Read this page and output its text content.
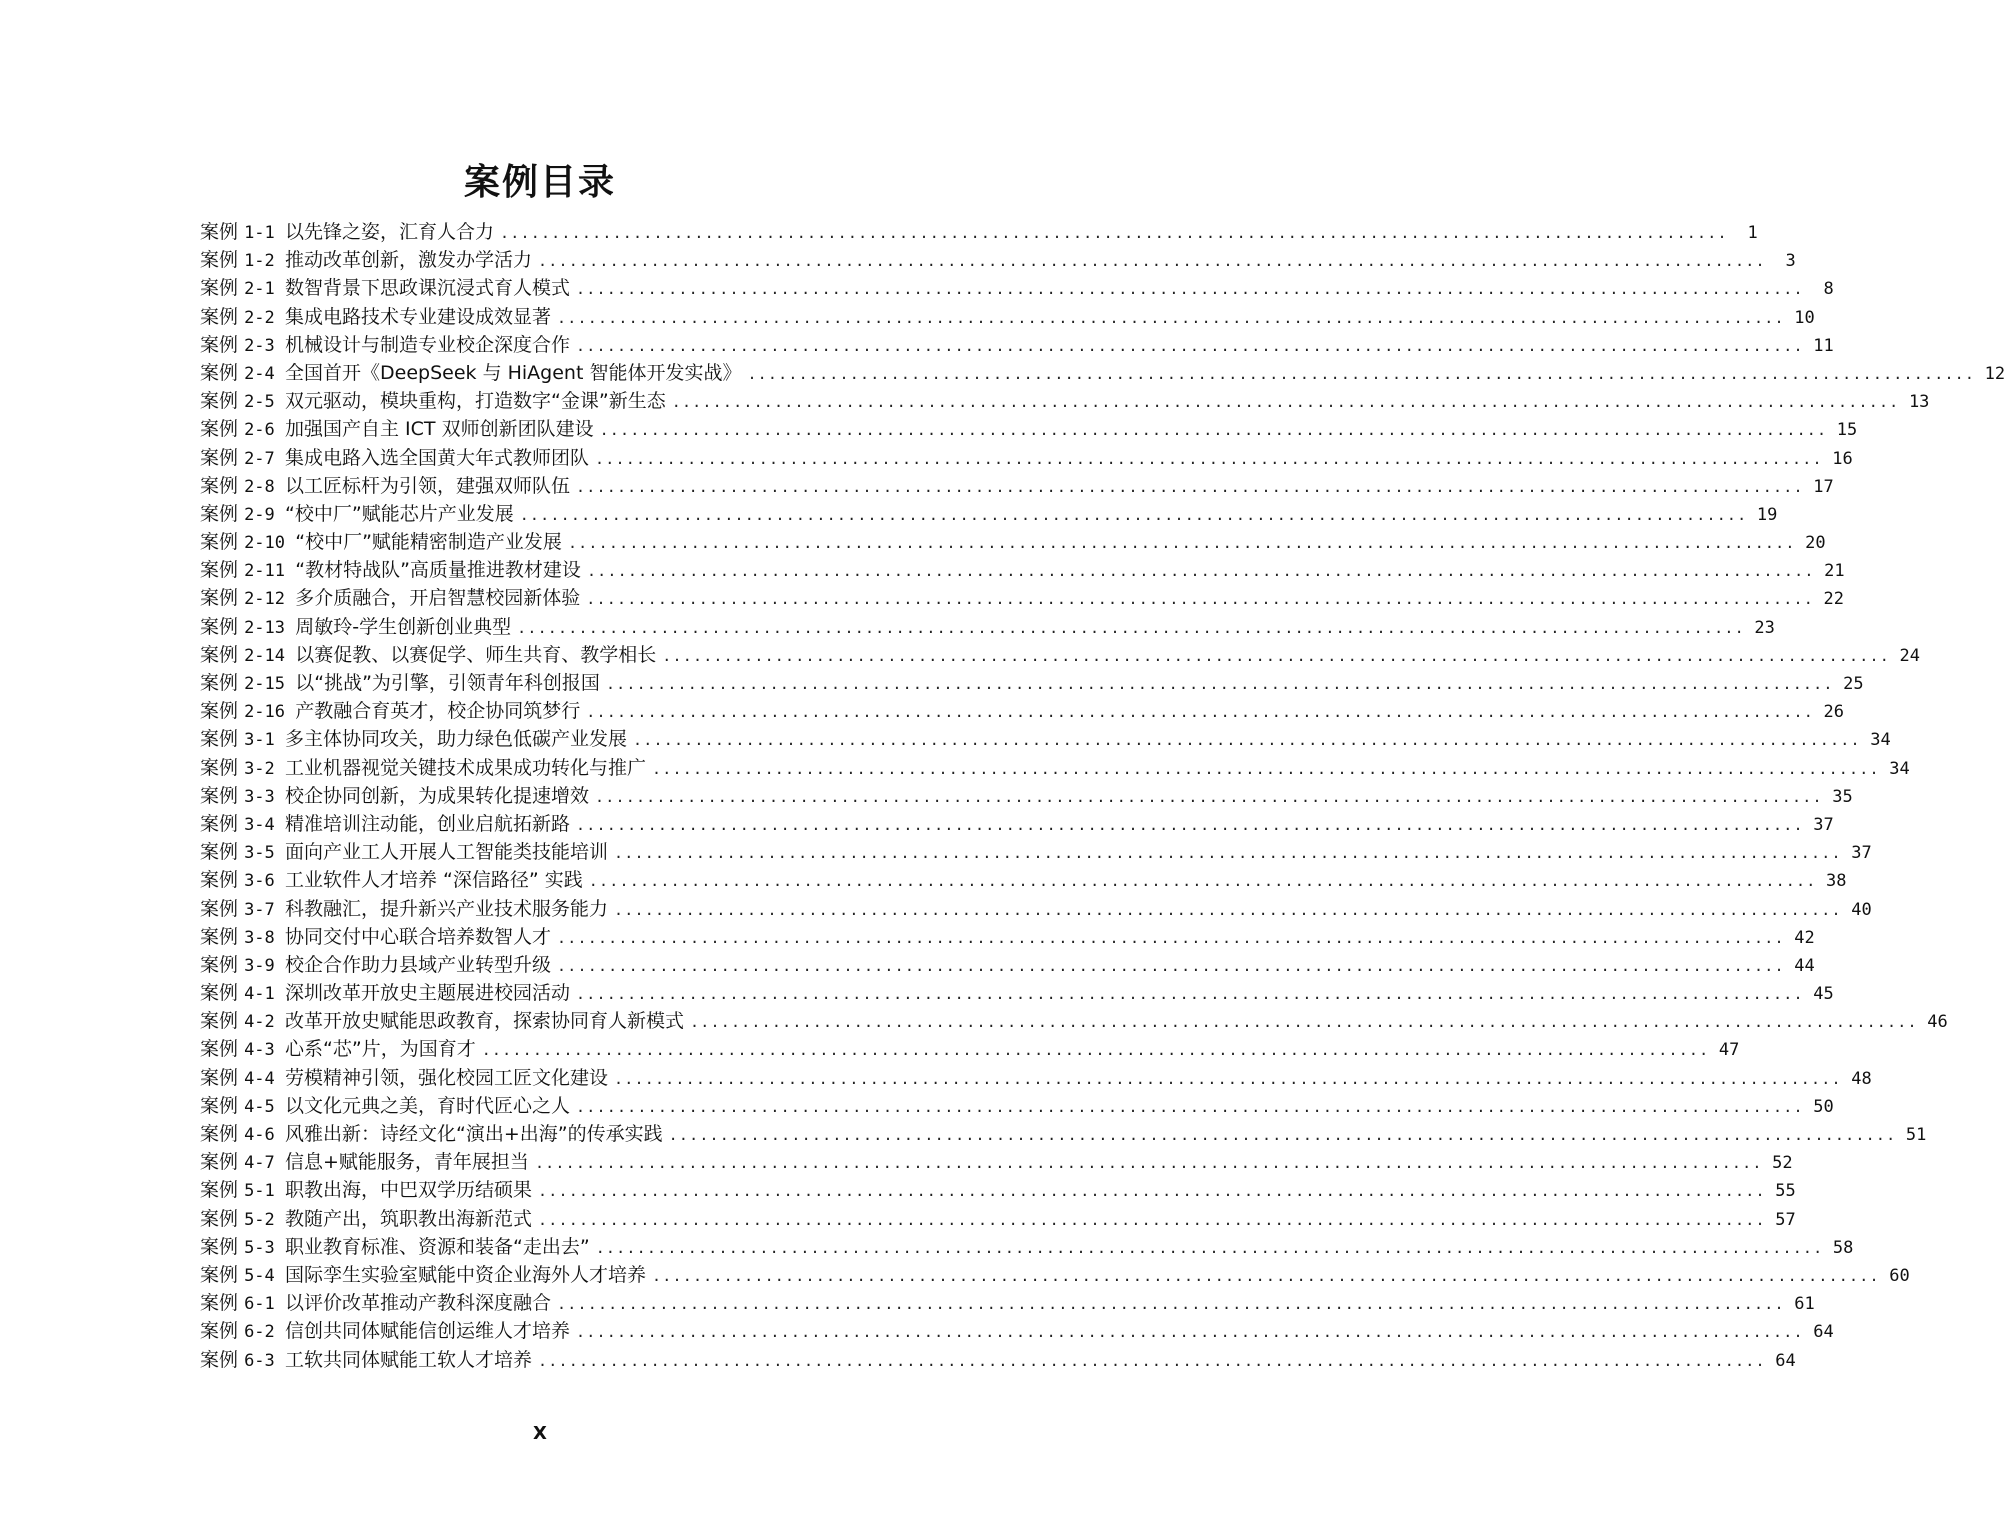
案例目录
案例 1-1 以先锋之姿，汇育人合力 ........................................................................................................................	1
案例 1-2 推动改革创新，激发办学活力 ........................................................................................................................	3
案例 2-1 数智背景下思政课沉浸式育人模式 ........................................................................................................................	8
案例 2-2 集成电路技术专业建设成效显著 ........................................................................................................................ 10
案例 2-3 机械设计与制造专业校企深度合作 ........................................................................................................................ 11
案例 2-4 全国首开《DeepSeek 与 HiAgent 智能体开发实战》 ........................................................................................................................ 12
案例 2-5 双元驱动，模块重构，打造数字“金课”新生态 ........................................................................................................................ 13
案例 2-6 加强国产自主 ICT 双师创新团队建设 ........................................................................................................................ 15
案例 2-7 集成电路入选全国黄大年式教师团队 ........................................................................................................................ 16
案例 2-8 以工匠标杆为引领，建强双师队伍 ........................................................................................................................ 17
案例 2-9 “校中厂”赋能芯片产业发展 ........................................................................................................................ 19
案例 2-10 “校中厂”赋能精密制造产业发展 ........................................................................................................................ 20
案例 2-11 “教材特战队”高质量推进教材建设 ........................................................................................................................ 21
案例 2-12 多介质融合，开启智慧校园新体验 ........................................................................................................................ 22
案例 2-13 周敏玲-学生创新创业典型 ........................................................................................................................ 23
案例 2-14 以赛促教、以赛促学、师生共育、教学相长 ........................................................................................................................ 24
案例 2-15 以“挑战”为引擎，引领青年科创报国 ........................................................................................................................ 25
案例 2-16 产教融合育英才，校企协同筑梦行 ........................................................................................................................ 26
案例 3-1 多主体协同攻关，助力绿色低碳产业发展 ........................................................................................................................ 34
案例 3-2 工业机器视觉关键技术成果成功转化与推广 ........................................................................................................................ 34
案例 3-3 校企协同创新，为成果转化提速增效 ........................................................................................................................ 35
案例 3-4 精准培训注动能，创业启航拓新路 ........................................................................................................................ 37
案例 3-5 面向产业工人开展人工智能类技能培训 ........................................................................................................................ 37
案例 3-6 工业软件人才培养 “深信路径” 实践 ........................................................................................................................ 38
案例 3-7 科教融汇，提升新兴产业技术服务能力 ........................................................................................................................ 40
案例 3-8 协同交付中心联合培养数智人才 ........................................................................................................................ 42
案例 3-9 校企合作助力县域产业转型升级 ........................................................................................................................ 44
案例 4-1 深圳改革开放史主题展进校园活动 ........................................................................................................................ 45
案例 4-2 改革开放史赋能思政教育，探索协同育人新模式 ........................................................................................................................ 46
案例 4-3 心系“芯”片，为国育才 ........................................................................................................................ 47
案例 4-4 劳模精神引领，强化校园工匠文化建设 ........................................................................................................................ 48
案例 4-5 以文化元典之美，育时代匠心之人 ........................................................................................................................ 50
案例 4-6 风雅出新：诗经文化“演出+出海”的传承实践 ........................................................................................................................ 51
案例 4-7 信息+赋能服务，青年展担当 ........................................................................................................................ 52
案例 5-1 职教出海，中巴双学历结硕果 ........................................................................................................................ 55
案例 5-2 教随产出，筑职教出海新范式 ........................................................................................................................ 57
案例 5-3 职业教育标准、资源和装备“走出去” ........................................................................................................................ 58
案例 5-4 国际孪生实验室赋能中资企业海外人才培养 ........................................................................................................................ 60
案例 6-1 以评价改革推动产教科深度融合 ........................................................................................................................ 61
案例 6-2 信创共同体赋能信创运维人才培养 ........................................................................................................................ 64
案例 6-3 工软共同体赋能工软人才培养 ........................................................................................................................ 64
X
